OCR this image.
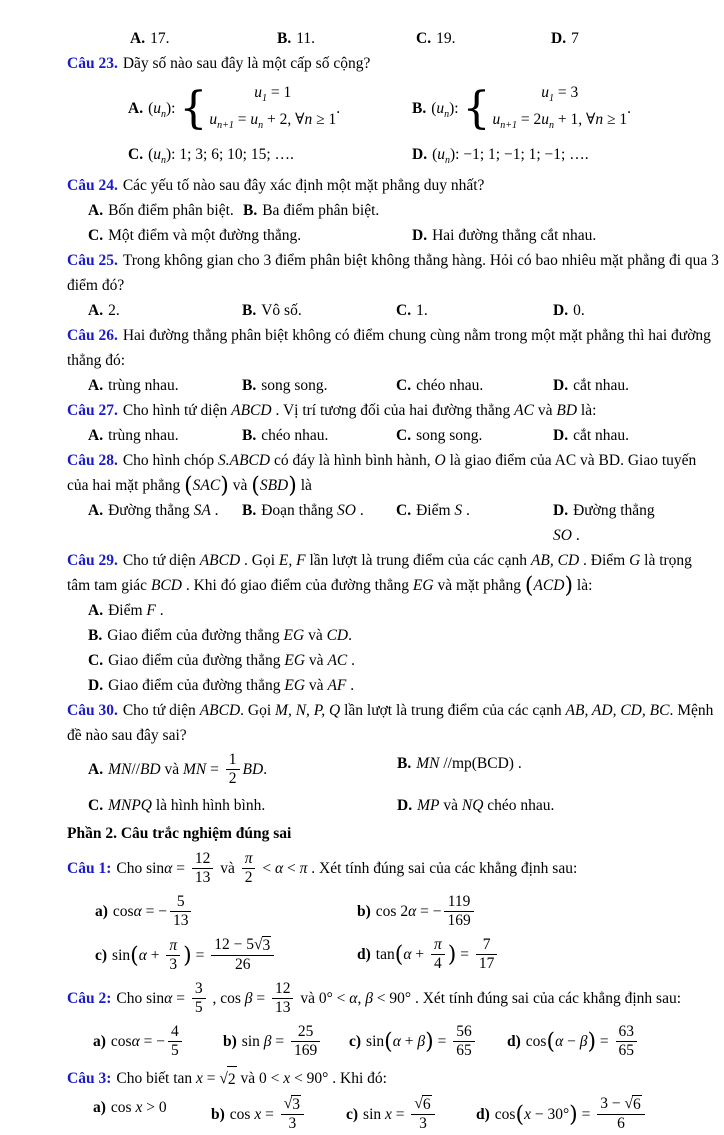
A. 17.	B. 11.	C. 19.	D. 7
Câu 23. Dãy số nào sau đây là một cấp số cộng?
A. $(u_n)$: {	$u_1 = 1$
$u_{n+1} = u_n + 2$, ∀n ≥ 1
.	B. $(u_n)$: {	$u_1 = 3$
$u_{n+1} = 2u_n + 1$, ∀n ≥ 1
.
C. $(u_n)$: 1; 3; 6; 10; 15; ….	D. $(u_n)$: −1; 1; −1; 1; −1; ….
Câu 24. Các yếu tố nào sau đây xác định một mặt phẳng duy nhất?
A. Bốn điểm phân biệt. B. Ba điểm phân biệt.
C. Một điểm và một đường thẳng.	D. Hai đường thẳng cắt nhau.
Câu 25. Trong không gian cho 3 điểm phân biệt không thẳng hàng. Hỏi có bao nhiêu mặt phẳng đi qua 3
điểm đó?
A. 2.	B. Vô số.	C. 1.	D. 0.
Câu 26. Hai đường thẳng phân biệt không có điểm chung cùng nằm trong một mặt phẳng thì hai đường
thẳng đó:
A. trùng nhau.	B. song song.	C. chéo nhau.	D. cắt nhau.
Câu 27. Cho hình tứ diện ABCD . Vị trí tương đối của hai đường thẳng AC và BD là:
A. trùng nhau.	B. chéo nhau.	C. song song.	D. cắt nhau.
Câu 28. Cho hình chóp S.ABCD có đáy là hình bình hành, O là giao điểm của AC và BD. Giao tuyến
của hai mặt phẳng (SAC) và (SBD) là
A. Đường thẳng SA .	B. Đoạn thẳng SO .	C. Điểm S .	D. Đường thẳng SO .
Câu 29. Cho tứ diện ABCD . Gọi E, F lần lượt là trung điểm của các cạnh AB, CD . Điểm G là trọng
tâm tam giác BCD . Khi đó giao điểm của đường thẳng EG và mặt phẳng (ACD) là:
A. Điểm F .
B. Giao điểm của đường thẳng EG và CD.
C. Giao điểm của đường thẳng EG và AC .
D. Giao điểm của đường thẳng EG và AF .
Câu 30. Cho tứ diện ABCD. Gọi M, N, P, Q lần lượt là trung điểm của các cạnh AB, AD, CD, BC. Mệnh
đề nào sau đây sai?
A. MN//BD và MN = $\frac{1}{2}$ BD.	B. MN //mp(BCD) .
C. MNPQ là hình hình bình.	D. MP và NQ chéo nhau.
Phần 2. Câu trắc nghiệm đúng sai
Câu 1: Cho $\sin\alpha = \frac{12}{13}$ và $\frac{\pi}{2} < \alpha < \pi$ . Xét tính đúng sai của các khẳng định sau:
a) cosα = − $\frac{5}{13}$	b) cos 2α = − $\frac{119}{169}$
c) $\sin(\alpha + \frac{\pi}{3}$ ) = $\frac{12 - 5 √ 3}{26}$	d) $\tan(\alpha + \frac{\pi}{4}$ ) = $\frac{7}{17}$
Câu 2: Cho $\sin\alpha = \frac{3}{5}$ , $\cos \beta = \frac{12}{13}$ và 0° < α, β < 90° . Xét tính đúng sai của các khẳng định sau:
a) cosα = − $\frac{4}{5}$	b) $\sin \beta = \frac{25}{169} c$) $\sin(\alpha + \beta) = \frac{56}{65} d$) $\cos(\alpha - \beta) = \frac{63}{65}$
Câu 3: Cho biết tan x = √ 2 và 0 < x < 90° . Khi đó:
a) cos x > 0	b) $\cos x = \frac{√ 3}{3}$	c) $\sin x = \frac{√ 6}{3}$	d) $\cos(x - 30^\circ) = \frac{3 - √ 6}{6}$
